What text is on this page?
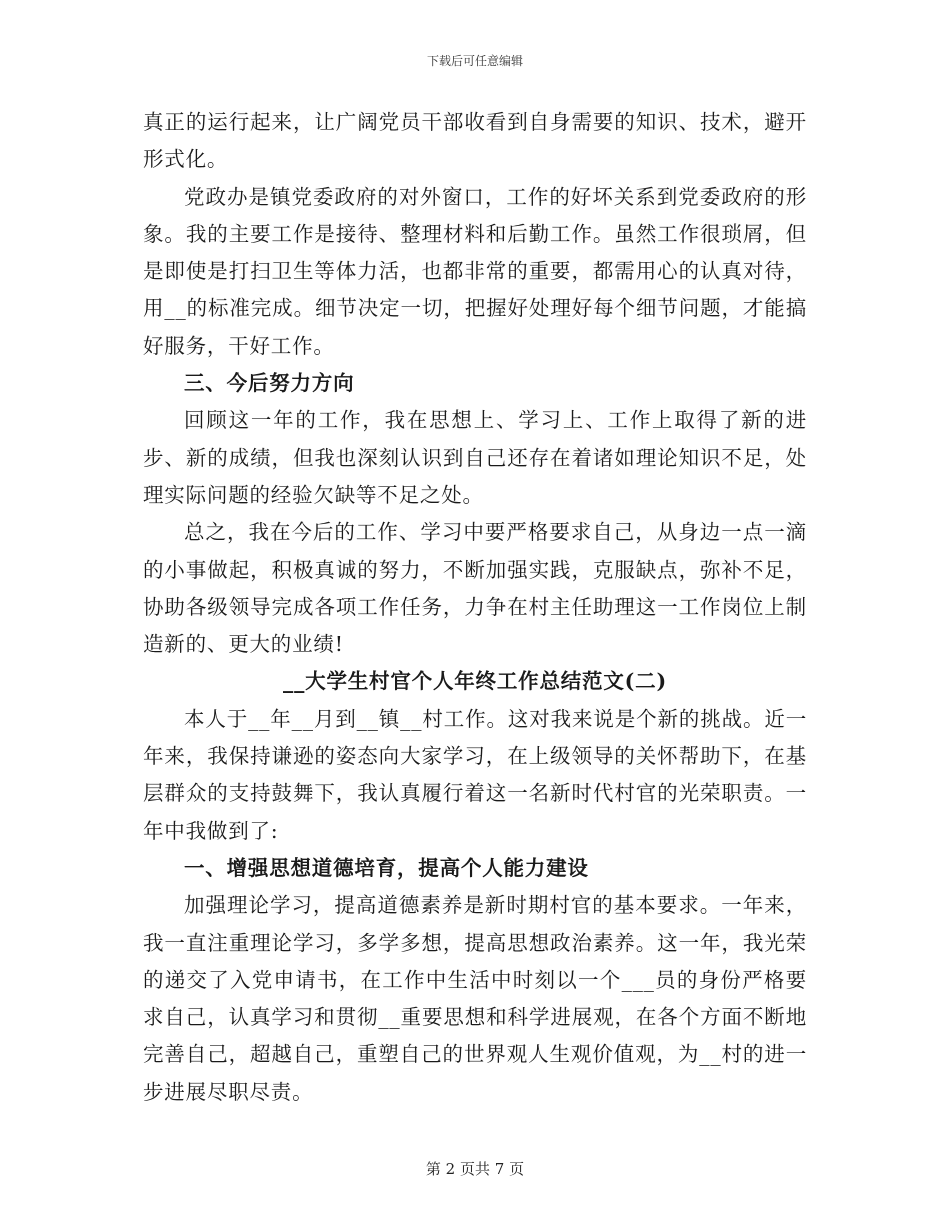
下载后可任意编辑

真正的运行起来，让广阔党员干部收看到自身需要的知识、技术，避开形式化。

党政办是镇党委政府的对外窗口，工作的好坏关系到党委政府的形象。我的主要工作是接待、整理材料和后勤工作。虽然工作很琐屑，但是即使是打扫卫生等体力活，也都非常的重要，都需用心的认真对待，用__的标准完成。细节决定一切，把握好处理好每个细节问题，才能搞好服务，干好工作。

三、今后努力方向

回顾这一年的工作，我在思想上、学习上、工作上取得了新的进步、新的成绩，但我也深刻认识到自己还存在着诸如理论知识不足，处理实际问题的经验欠缺等不足之处。

总之，我在今后的工作、学习中要严格要求自己，从身边一点一滴的小事做起，积极真诚的努力，不断加强实践，克服缺点，弥补不足，协助各级领导完成各项工作任务，力争在村主任助理这一工作岗位上制造新的、更大的业绩!

__大学生村官个人年终工作总结范文(二)

本人于__年__月到__镇__村工作。这对我来说是个新的挑战。近一年来，我保持谦逊的姿态向大家学习，在上级领导的关怀帮助下，在基层群众的支持鼓舞下，我认真履行着这一名新时代村官的光荣职责。一年中我做到了:

一、增强思想道德培育，提高个人能力建设

加强理论学习，提高道德素养是新时期村官的基本要求。一年来，我一直注重理论学习，多学多想，提高思想政治素养。这一年，我光荣的递交了入党申请书，在工作中生活中时刻以一个___员的身份严格要求自己，认真学习和贯彻__重要思想和科学进展观，在各个方面不断地完善自己，超越自己，重塑自己的世界观人生观价值观，为__村的进一步进展尽职尽责。

第 2 页共 7 页
